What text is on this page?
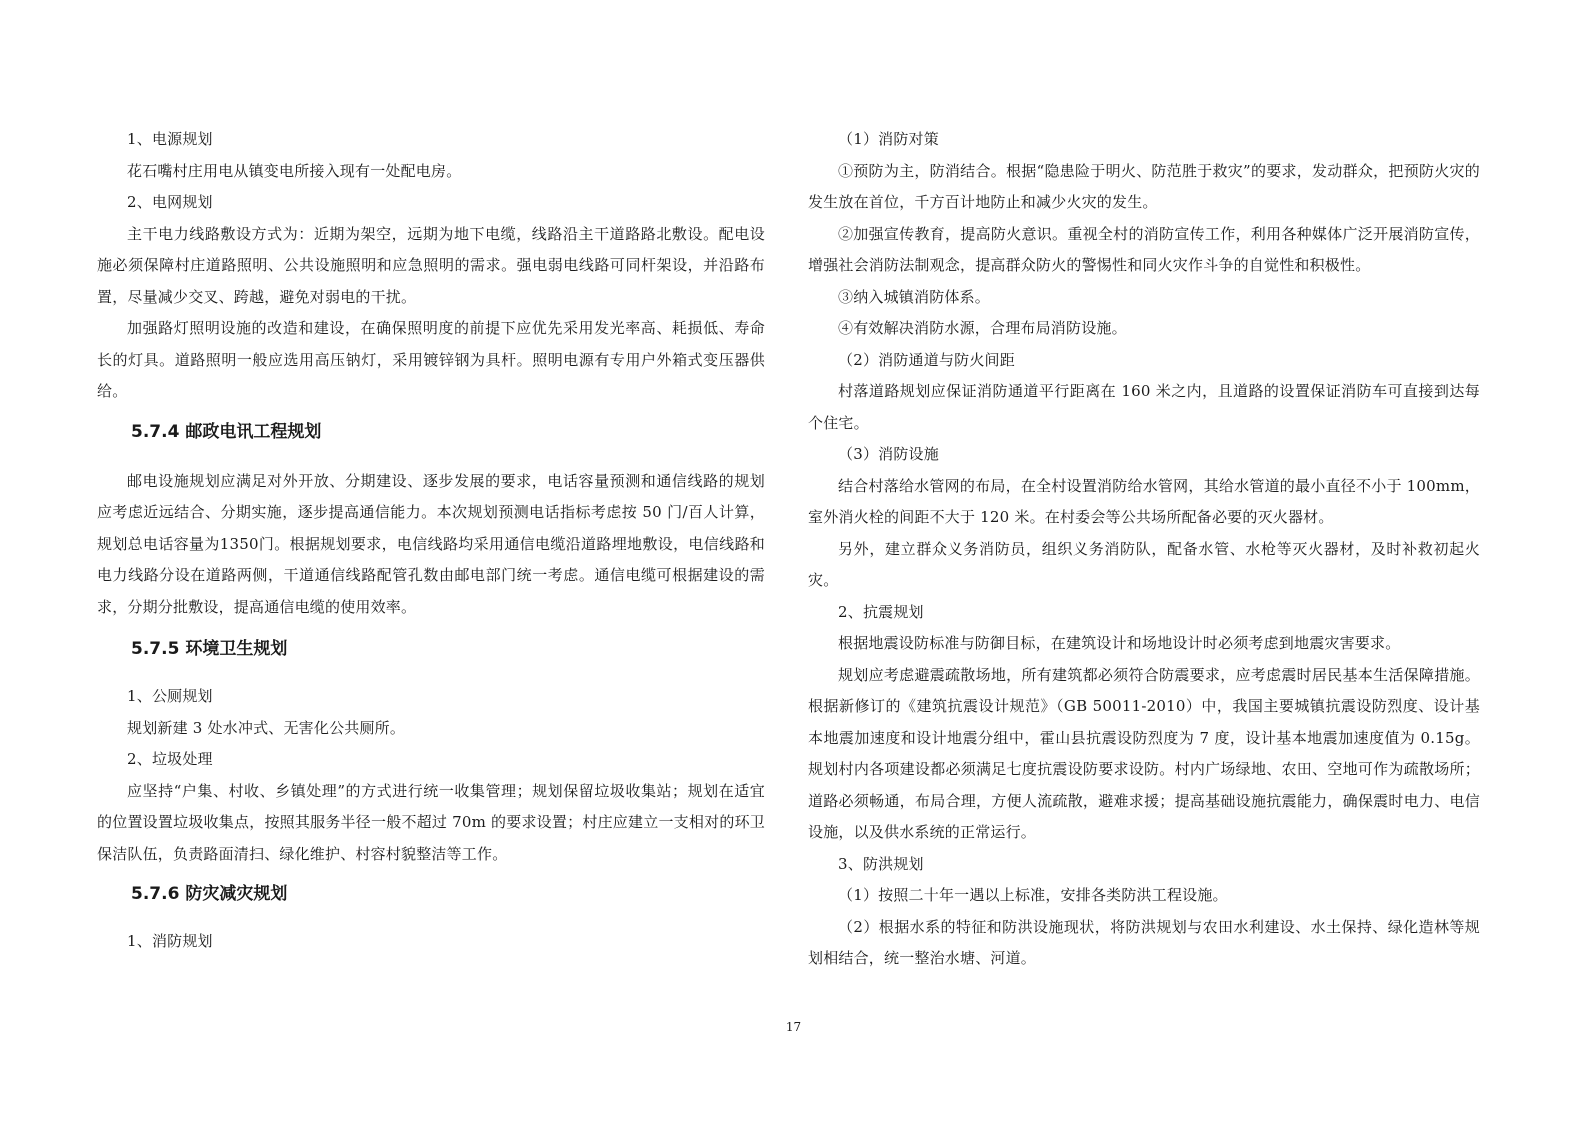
1、电源规划

花石嘴村庄用电从镇变电所接入现有一处配电房。

2、电网规划

主干电力线路敷设方式为：近期为架空，远期为地下电缆，线路沿主干道路路北敷设。配电设施必须保障村庄道路照明、公共设施照明和应急照明的需求。强电弱电线路可同杆架设，并沿路布置，尽量减少交叉、跨越，避免对弱电的干扰。

加强路灯照明设施的改造和建设，在确保照明度的前提下应优先采用发光率高、耗损低、寿命长的灯具。道路照明一般应选用高压钠灯，采用镀锌钢为具杆。照明电源有专用户外箱式变压器供给。

5.7.4 邮政电讯工程规划

邮电设施规划应满足对外开放、分期建设、逐步发展的要求，电话容量预测和通信线路的规划应考虑近远结合、分期实施，逐步提高通信能力。本次规划预测电话指标考虑按 50 门/百人计算，规划总电话容量为1350门。根据规划要求，电信线路均采用通信电缆沿道路埋地敷设，电信线路和电力线路分设在道路两侧，干道通信线路配管孔数由邮电部门统一考虑。通信电缆可根据建设的需求，分期分批敷设，提高通信电缆的使用效率。

5.7.5 环境卫生规划

1、公厕规划

规划新建 3 处水冲式、无害化公共厕所。

2、垃圾处理

应坚持“户集、村收、乡镇处理”的方式进行统一收集管理；规划保留垃圾收集站；规划在适宜的位置设置垃圾收集点，按照其服务半径一般不超过 70m 的要求设置；村庄应建立一支相对的环卫保洁队伍，负责路面清扫、绿化维护、村容村貌整洁等工作。

5.7.6 防灾减灾规划

1、消防规划

（1）消防对策

①预防为主，防消结合。根据“隐患险于明火、防范胜于救灾”的要求，发动群众，把预防火灾的发生放在首位，千方百计地防止和减少火灾的发生。

②加强宣传教育，提高防火意识。重视全村的消防宣传工作，利用各种媒体广泛开展消防宣传，增强社会消防法制观念，提高群众防火的警惕性和同火灾作斗争的自觉性和积极性。

③纳入城镇消防体系。

④有效解决消防水源，合理布局消防设施。

（2）消防通道与防火间距

村落道路规划应保证消防通道平行距离在 160 米之内，且道路的设置保证消防车可直接到达每个住宅。

（3）消防设施

结合村落给水管网的布局，在全村设置消防给水管网，其给水管道的最小直径不小于 100mm，室外消火栓的间距不大于 120 米。在村委会等公共场所配备必要的灭火器材。

另外，建立群众义务消防员，组织义务消防队，配备水管、水枪等灭火器材，及时补救初起火灾。

2、抗震规划

根据地震设防标准与防御目标，在建筑设计和场地设计时必须考虑到地震灾害要求。

规划应考虑避震疏散场地，所有建筑都必须符合防震要求，应考虑震时居民基本生活保障措施。根据新修订的《建筑抗震设计规范》（GB 50011-2010）中，我国主要城镇抗震设防烈度、设计基本地震加速度和设计地震分组中，霍山县抗震设防烈度为 7 度，设计基本地震加速度值为 0.15g。规划村内各项建设都必须满足七度抗震设防要求设防。村内广场绿地、农田、空地可作为疏散场所；道路必须畅通，布局合理，方便人流疏散，避难求援；提高基础设施抗震能力，确保震时电力、电信设施，以及供水系统的正常运行。

3、防洪规划

（1）按照二十年一遇以上标准，安排各类防洪工程设施。

（2）根据水系的特征和防洪设施现状，将防洪规划与农田水利建设、水土保持、绿化造林等规划相结合，统一整治水塘、河道。

17
